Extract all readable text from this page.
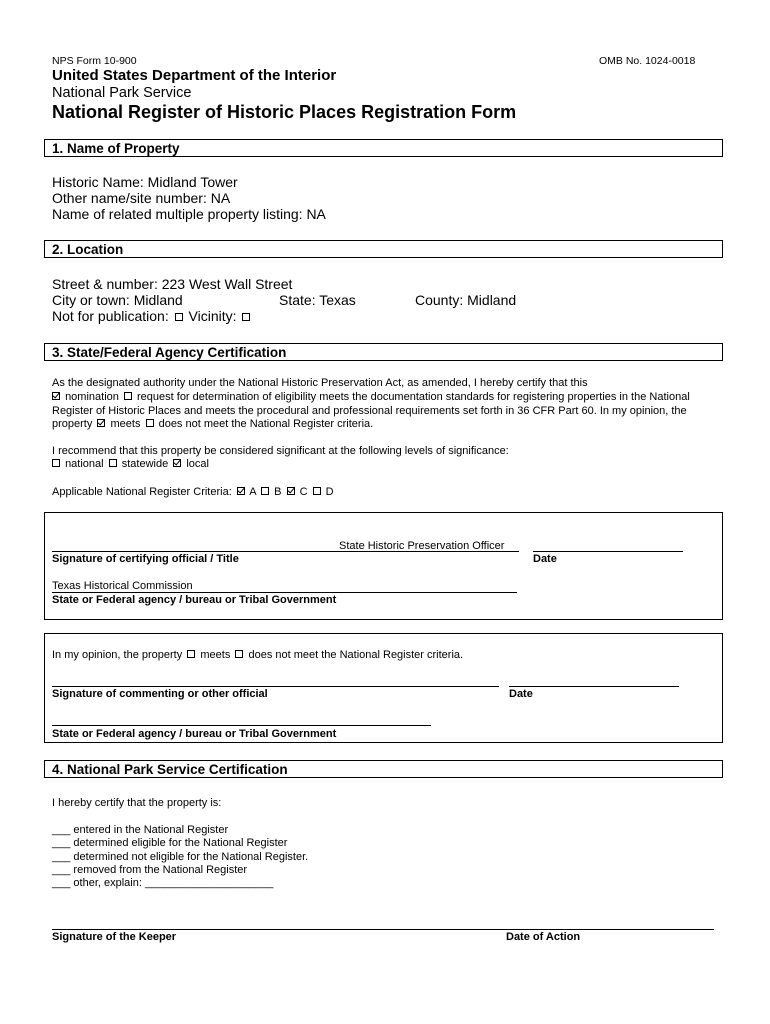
NPS Form 10-900	OMB No. 1024-0018
United States Department of the Interior
National Park Service
National Register of Historic Places Registration Form
1. Name of Property
Historic Name: Midland Tower
Other name/site number: NA
Name of related multiple property listing: NA
2. Location
Street & number: 223 West Wall Street
City or town: Midland	State: Texas	County: Midland
Not for publication: Vicinity:
3. State/Federal Agency Certification
As the designated authority under the National Historic Preservation Act, as amended, I hereby certify that this
nomination request for determination of eligibility meets the documentation standards for registering properties in the National
Register of Historic Places and meets the procedural and professional requirements set forth in 36 CFR Part 60. In my opinion, the
property meets does not meet the National Register criteria.
I recommend that this property be considered significant at the following levels of significance:
national statewide local
Applicable National Register Criteria: A B C D
State Historic Preservation Officer
Signature of certifying official / Title	Date
Texas Historical Commission
State or Federal agency / bureau or Tribal Government
In my opinion, the property meets does not meet the National Register criteria.
Signature of commenting or other official	Date
State or Federal agency / bureau or Tribal Government
4. National Park Service Certification
I hereby certify that the property is:
___ entered in the National Register
___ determined eligible for the National Register
___ determined not eligible for the National Register.
___ removed from the National Register
___ other, explain: _____________________
Signature of the Keeper	Date of Action
